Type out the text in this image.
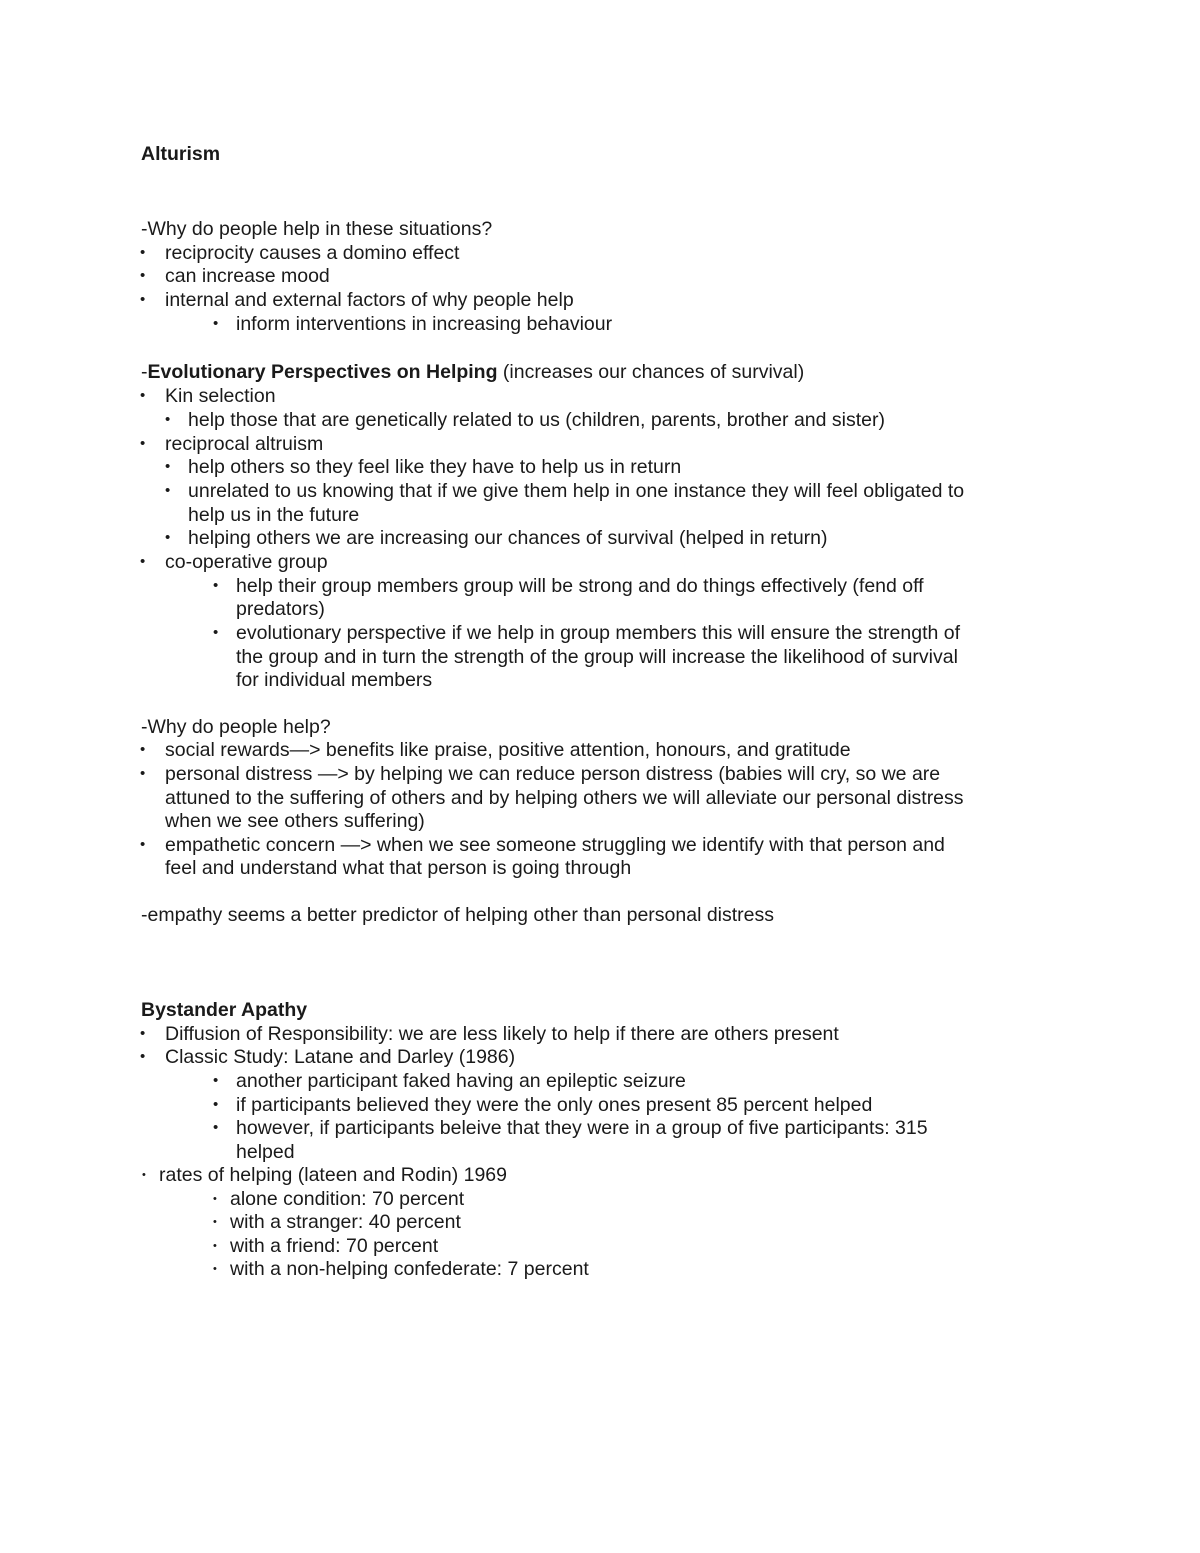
Alturism
-Why do people help in these situations?
• reciprocity causes a domino effect
• can increase mood
• internal and external factors of why people help
• inform interventions in increasing behaviour
-Evolutionary Perspectives on Helping (increases our chances of survival)
• Kin selection
• help those that are genetically related to us (children, parents, brother and sister)
• reciprocal altruism
• help others so they feel like they have to help us in return
• unrelated to us knowing that if we give them help in one instance they will feel obligated to
help us in the future
• helping others we are increasing our chances of survival (helped in return)
• co-operative group
• help their group members group will be strong and do things effectively (fend off
predators)
• evolutionary perspective if we help in group members this will ensure the strength of
the group and in turn the strength of the group will increase the likelihood of survival
for individual members
-Why do people help?
• social rewards—> benefits like praise, positive attention, honours, and gratitude
• personal distress —> by helping we can reduce person distress (babies will cry, so we are
attuned to the suffering of others and by helping others we will alleviate our personal distress
when we see others suffering)
• empathetic concern —> when we see someone struggling we identify with that person and
feel and understand what that person is going through
-empathy seems a better predictor of helping other than personal distress
Bystander Apathy
• Diffusion of Responsibility: we are less likely to help if there are others present
• Classic Study: Latane and Darley (1986)
• another participant faked having an epileptic seizure
• if participants believed they were the only ones present 85 percent helped
• however, if participants beleive that they were in a group of five participants: 315
helped
• rates of helping (lateen and Rodin) 1969
• alone condition: 70 percent
• with a stranger: 40 percent
• with a friend: 70 percent
• with a non-helping confederate: 7 percent
